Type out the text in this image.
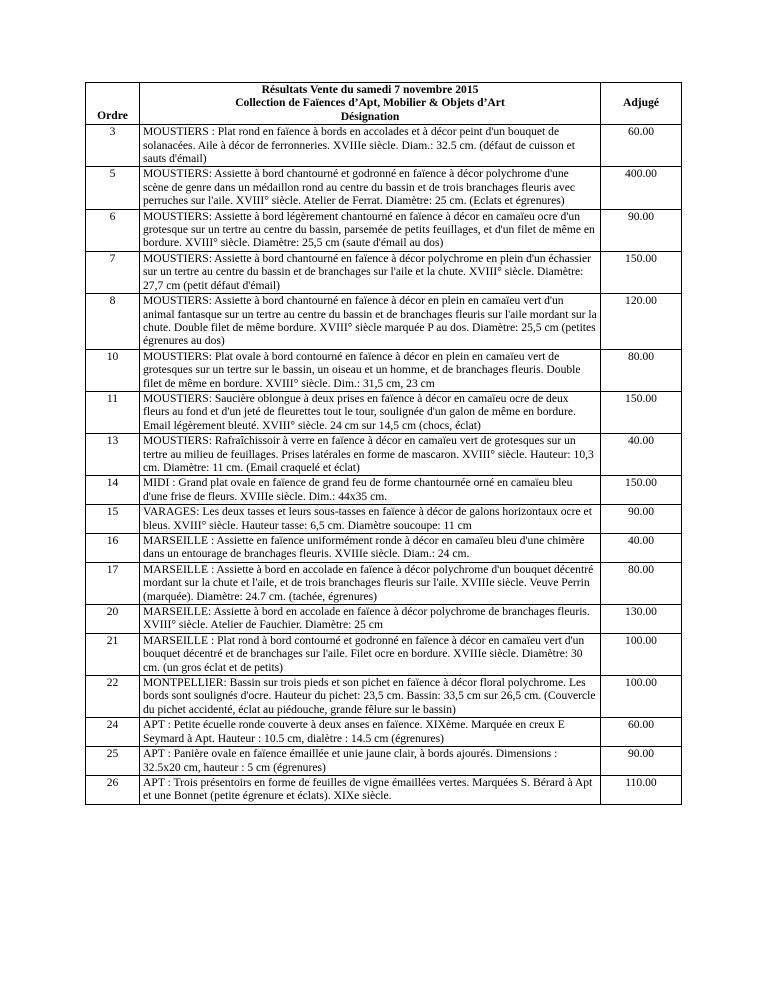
Ordre	Résultats Vente du samedi 7 novembre 2015
Collection de Faïences d’Apt, Mobilier & Objets d’Art
Désignation	Adjugé

3	MOUSTIERS : Plat rond en faïence à bords en accolades et à décor peint d'un bouquet de solanacées. Aile à décor de ferronneries. XVIIIe siècle. Diam.: 32.5 cm. (défaut de cuisson et sauts d'émail)	60.00
5	MOUSTIERS: Assiette à bord chantourné et godronné en faïence à décor polychrome d'une scène de genre dans un médaillon rond au centre du bassin et de trois branchages fleuris avec perruches sur l'aile. XVIII° siècle. Atelier de Ferrat. Diamètre: 25 cm. (Eclats et égrenures)	400.00
6	MOUSTIERS: Assiette à bord légèrement chantourné en faïence à décor en camaïeu ocre d'un grotesque sur un tertre au centre du bassin, parsemée de petits feuillages, et d'un filet de même en bordure. XVIII° siècle. Diamètre: 25,5 cm (saute d'émail au dos)	90.00
7	MOUSTIERS: Assiette à bord chantourné en faïence à décor polychrome en plein d'un échassier sur un tertre au centre du bassin et de branchages sur l'aile et la chute. XVIII° siècle. Diamètre: 27,7 cm (petit défaut d'émail)	150.00
8	MOUSTIERS: Assiette à bord chantourné en faïence à décor en plein en camaïeu vert d'un animal fantasque sur un tertre au centre du bassin et de branchages fleuris sur l'aile mordant sur la chute. Double filet de même bordure. XVIII° siècle marquée P au dos. Diamètre: 25,5 cm (petites égrenures au dos)	120.00
10	MOUSTIERS: Plat ovale à bord contourné en faïence à décor en plein en camaïeu vert de grotesques sur un tertre sur le bassin, un oiseau et un homme, et de branchages fleuris. Double filet de même en bordure. XVIII° siècle. Dim.: 31,5 cm, 23 cm	80.00
11	MOUSTIERS: Saucière oblongue à deux prises en faïence à décor en camaïeu ocre de deux fleurs au fond et d'un jeté de fleurettes tout le tour, soulignée d'un galon de même en bordure. Email légèrement bleuté. XVIII° siècle. 24 cm sur 14,5 cm (chocs, éclat)	150.00
13	MOUSTIERS: Rafraîchissoir à verre en faïence à décor en camaïeu vert de grotesques sur un tertre au milieu de feuillages. Prises latérales en forme de mascaron. XVIII° siècle. Hauteur: 10,3 cm. Diamètre: 11 cm. (Email craquelé et éclat)	40.00
14	MIDI : Grand plat ovale en faïence de grand feu de forme chantournée orné en camaïeu bleu d'une frise de fleurs. XVIIIe siècle. Dim.: 44x35 cm.	150.00
15	VARAGES: Les deux tasses et leurs sous-tasses en faïence à décor de galons horizontaux ocre et bleus. XVIII° siècle. Hauteur tasse: 6,5 cm. Diamètre soucoupe: 11 cm	90.00
16	MARSEILLE : Assiette en faïence uniformément ronde à décor en camaïeu bleu d'une chimère dans un entourage de branchages fleuris. XVIIIe siècle. Diam.: 24 cm.	40.00
17	MARSEILLE : Assiette à bord en accolade en faïence à décor polychrome d'un bouquet décentré mordant sur la chute et l'aile, et de trois branchages fleuris sur l'aile. XVIIIe siècle. Veuve Perrin (marquée). Diamètre: 24.7 cm. (tachée, égrenures)	80.00
20	MARSEILLE: Assiette à bord en accolade en faïence à décor polychrome de branchages fleuris. XVIII° siècle. Atelier de Fauchier. Diamètre: 25 cm	130.00
21	MARSEILLE : Plat rond à bord contourné et godronné en faïence à décor en camaïeu vert d'un bouquet décentré et de branchages sur l'aile. Filet ocre en bordure. XVIIIe siècle. Diamètre: 30 cm. (un gros éclat et de petits)	100.00
22	MONTPELLIER: Bassin sur trois pieds et son pichet en faïence à décor floral polychrome. Les bords sont soulignés d'ocre. Hauteur du pichet: 23,5 cm. Bassin: 33,5 cm sur 26,5 cm. (Couvercle du pichet accidenté, éclat au piédouche, grande fêlure sur le bassin)	100.00
24	APT : Petite écuelle ronde couverte à deux anses en faïence. XIXème. Marquée en creux E Seymard à Apt. Hauteur : 10.5 cm, dialètre : 14.5 cm (égrenures)	60.00
25	APT : Panière ovale en faïence émaillée et unie jaune clair, à bords ajourés. Dimensions : 32.5x20 cm, hauteur : 5 cm (égrenures)	90.00
26	APT : Trois présentoirs en forme de feuilles de vigne émaillées vertes. Marquées S. Bérard à Apt et une Bonnet (petite égrenure et éclats). XIXe siècle.	110.00
